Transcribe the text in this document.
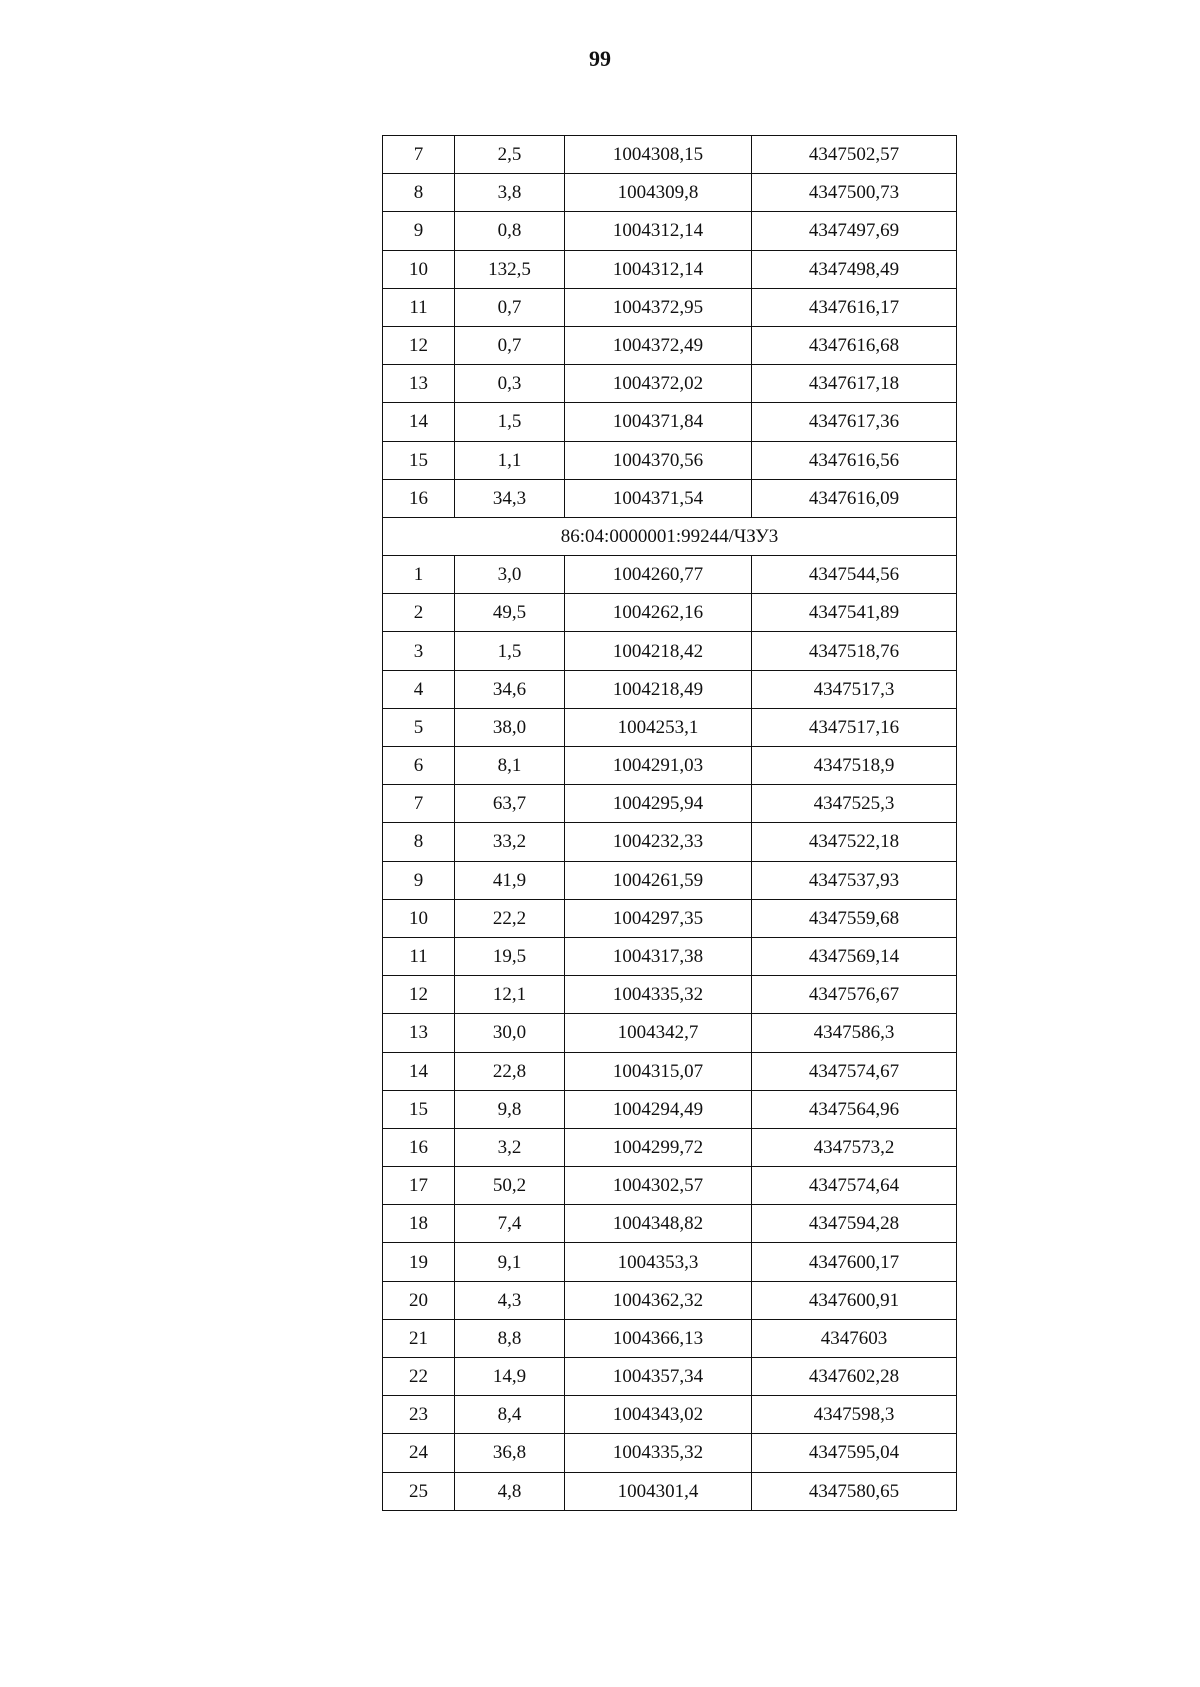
99
7	2,5	1004308,15	4347502,57
8	3,8	1004309,8	4347500,73
9	0,8	1004312,14	4347497,69
10	132,5	1004312,14	4347498,49
11	0,7	1004372,95	4347616,17
12	0,7	1004372,49	4347616,68
13	0,3	1004372,02	4347617,18
14	1,5	1004371,84	4347617,36
15	1,1	1004370,56	4347616,56
16	34,3	1004371,54	4347616,09
86:04:0000001:99244/ЧЗУ3			
1	3,0	1004260,77	4347544,56
2	49,5	1004262,16	4347541,89
3	1,5	1004218,42	4347518,76
4	34,6	1004218,49	4347517,3
5	38,0	1004253,1	4347517,16
6	8,1	1004291,03	4347518,9
7	63,7	1004295,94	4347525,3
8	33,2	1004232,33	4347522,18
9	41,9	1004261,59	4347537,93
10	22,2	1004297,35	4347559,68
11	19,5	1004317,38	4347569,14
12	12,1	1004335,32	4347576,67
13	30,0	1004342,7	4347586,3
14	22,8	1004315,07	4347574,67
15	9,8	1004294,49	4347564,96
16	3,2	1004299,72	4347573,2
17	50,2	1004302,57	4347574,64
18	7,4	1004348,82	4347594,28
19	9,1	1004353,3	4347600,17
20	4,3	1004362,32	4347600,91
21	8,8	1004366,13	4347603
22	14,9	1004357,34	4347602,28
23	8,4	1004343,02	4347598,3
24	36,8	1004335,32	4347595,04
25	4,8	1004301,4	4347580,65
